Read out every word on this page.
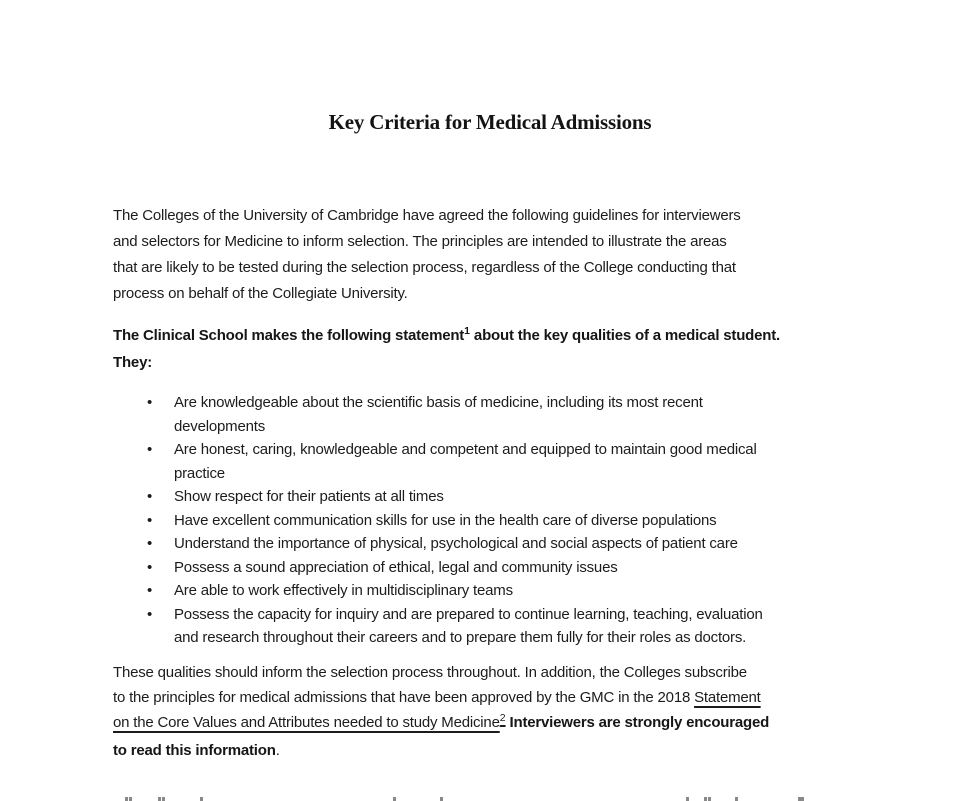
Key Criteria for Medical Admissions
The Colleges of the University of Cambridge have agreed the following guidelines for interviewers
and selectors for Medicine to inform selection. The principles are intended to illustrate the areas
that are likely to be tested during the selection process, regardless of the College conducting that
process on behalf of the Collegiate University.
The Clinical School makes the following statement$^1$ about the key qualities of a medical student.
They:
• Are knowledgeable about the scientific basis of medicine, including its most recent
developments
• Are honest, caring, knowledgeable and competent and equipped to maintain good medical
practice
• Show respect for their patients at all times
• Have excellent communication skills for use in the health care of diverse populations
• Understand the importance of physical, psychological and social aspects of patient care
• Possess a sound appreciation of ethical, legal and community issues
• Are able to work effectively in multidisciplinary teams
• Possess the capacity for inquiry and are prepared to continue learning, teaching, evaluation
and research throughout their careers and to prepare them fully for their roles as doctors.
These qualities should inform the selection process throughout. In addition, the Colleges subscribe
to the principles for medical admissions that have been approved by the GMC in the 2018 Statement
on the Core Values and Attributes needed to study Medicine$^2$ Interviewers are strongly encouraged
to read this information.
